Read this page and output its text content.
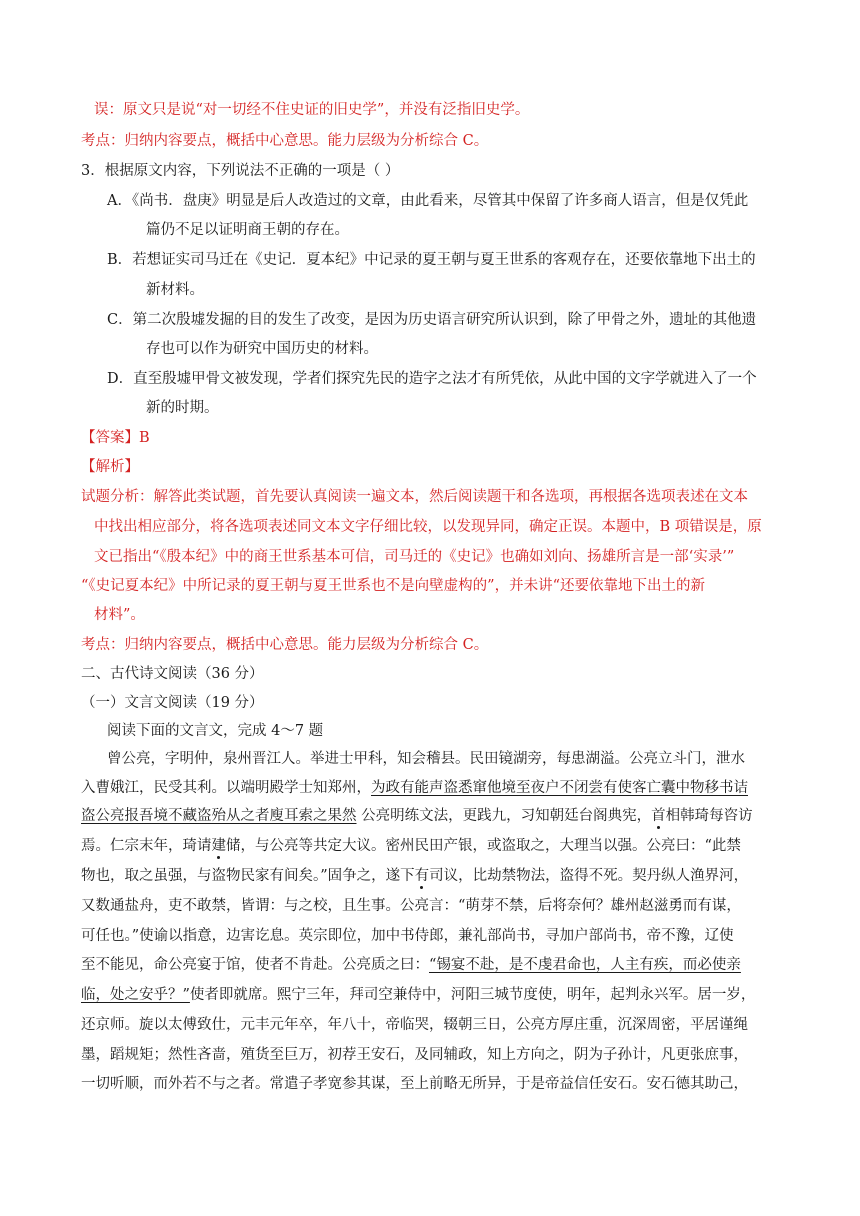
误：原文只是说“对一切经不住史证的旧史学”，并没有泛指旧史学。
考点：归纳内容要点，概括中心意思。能力层级为分析综合 C。
3．根据原文内容，下列说法不正确的一项是（ ）
A．《尚书．盘庚》明显是后人改造过的文章，由此看来，尽管其中保留了许多商人语言，但是仅凭此
篇仍不足以证明商王朝的存在。
B．若想证实司马迁在《史记．夏本纪》中记录的夏王朝与夏王世系的客观存在，还要依靠地下出土的
新材料。
C．第二次殷墟发掘的目的发生了改变，是因为历史语言研究所认识到，除了甲骨之外，遗址的其他遗
存也可以作为研究中国历史的材料。
D．直至殷墟甲骨文被发现，学者们探究先民的造字之法才有所凭依，从此中国的文字学就进入了一个
新的时期。
【答案】B
【解析】
试题分析：解答此类试题，首先要认真阅读一遍文本，然后阅读题干和各选项，再根据各选项表述在文本
中找出相应部分，将各选项表述同文本文字仔细比较，以发现异同，确定正误。本题中，B 项错误是，原
文已指出“《殷本纪》中的商王世系基本可信，司马迁的《史记》也确如刘向、扬雄所言是一部‘实录’”
“《史记夏本纪》中所记录的夏王朝与夏王世系也不是向壁虚构的”，并未讲“还要依靠地下出土的新
材料”。
考点：归纳内容要点，概括中心意思。能力层级为分析综合 C。
二、古代诗文阅读（36 分）
（一）文言文阅读（19 分）
阅读下面的文言文，完成 4～7 题
曾公亮，字明仲，泉州晋江人。举进士甲科，知会稽县。民田镜湖旁，每患湖溢。公亮立斗门，泄水
入曹娥江，民受其利。以端明殿学士知郑州，为政有能声盗悉窜他境至夜户不闭尝有使客亡囊中物移书诘
盗公亮报吾境不藏盗殆从之者廋耳索之果然 公亮明练文法，更践九，习知朝廷台阁典宪，首相韩琦每咨访
焉。仁宗末年，琦请建储，与公亮等共定大议。密州民田产银，或盗取之，大理当以强。公亮曰：“此禁
物也，取之虽强，与盗物民家有间矣。”固争之，遂下有司议，比劫禁物法，盗得不死。契丹纵人渔界河，
又数通盐舟，吏不敢禁，皆谓：与之校，且生事。公亮言：“萌芽不禁，后将奈何？雄州赵滋勇而有谋，
可任也。”使谕以指意，边害讫息。英宗即位，加中书侍郎，兼礼部尚书，寻加户部尚书，帝不豫，辽使
至不能见，命公亮宴于馆，使者不肯赴。公亮质之曰：“锡宴不赴，是不虔君命也，人主有疾，而必使亲
临，处之安乎？”使者即就席。熙宁三年，拜司空兼侍中，河阳三城节度使，明年，起判永兴军。居一岁，
还京师。旋以太傅致仕，元丰元年卒，年八十，帝临哭，辍朝三日，公亮方厚庄重，沉深周密，平居谨绳
墨，蹈规矩；然性吝啬，殖货至巨万，初荐王安石，及同辅政，知上方向之，阴为子孙计，凡更张庶事，
一切听顺，而外若不与之者。常遣子孝宽参其谋，至上前略无所异，于是帝益信任安石。安石德其助己，
